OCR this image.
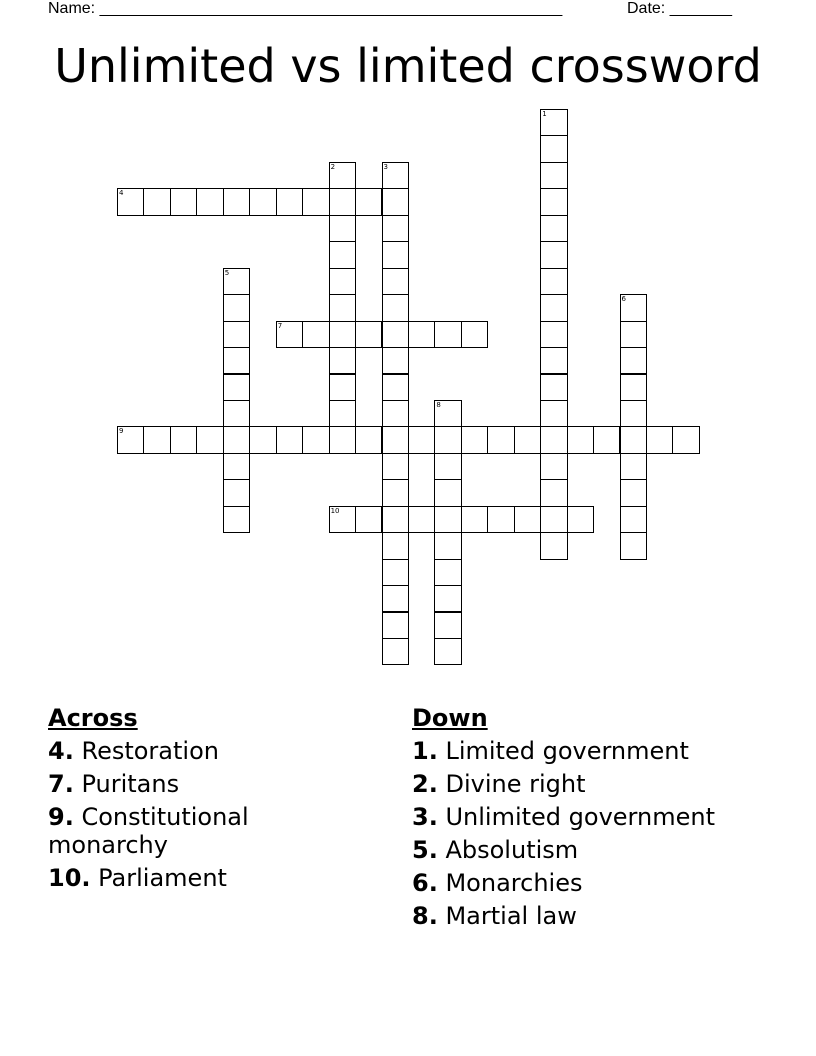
Name: ____________________________________________________	Date: _______
Unlimited vs limited crossword
1
2	3
4
5
6
7
8
9
10
Across
4. Restoration
7. Puritans
9. Constitutional monarchy
10. Parliament
Down
1. Limited government
2. Divine right
3. Unlimited government
5. Absolutism
6. Monarchies
8. Martial law
